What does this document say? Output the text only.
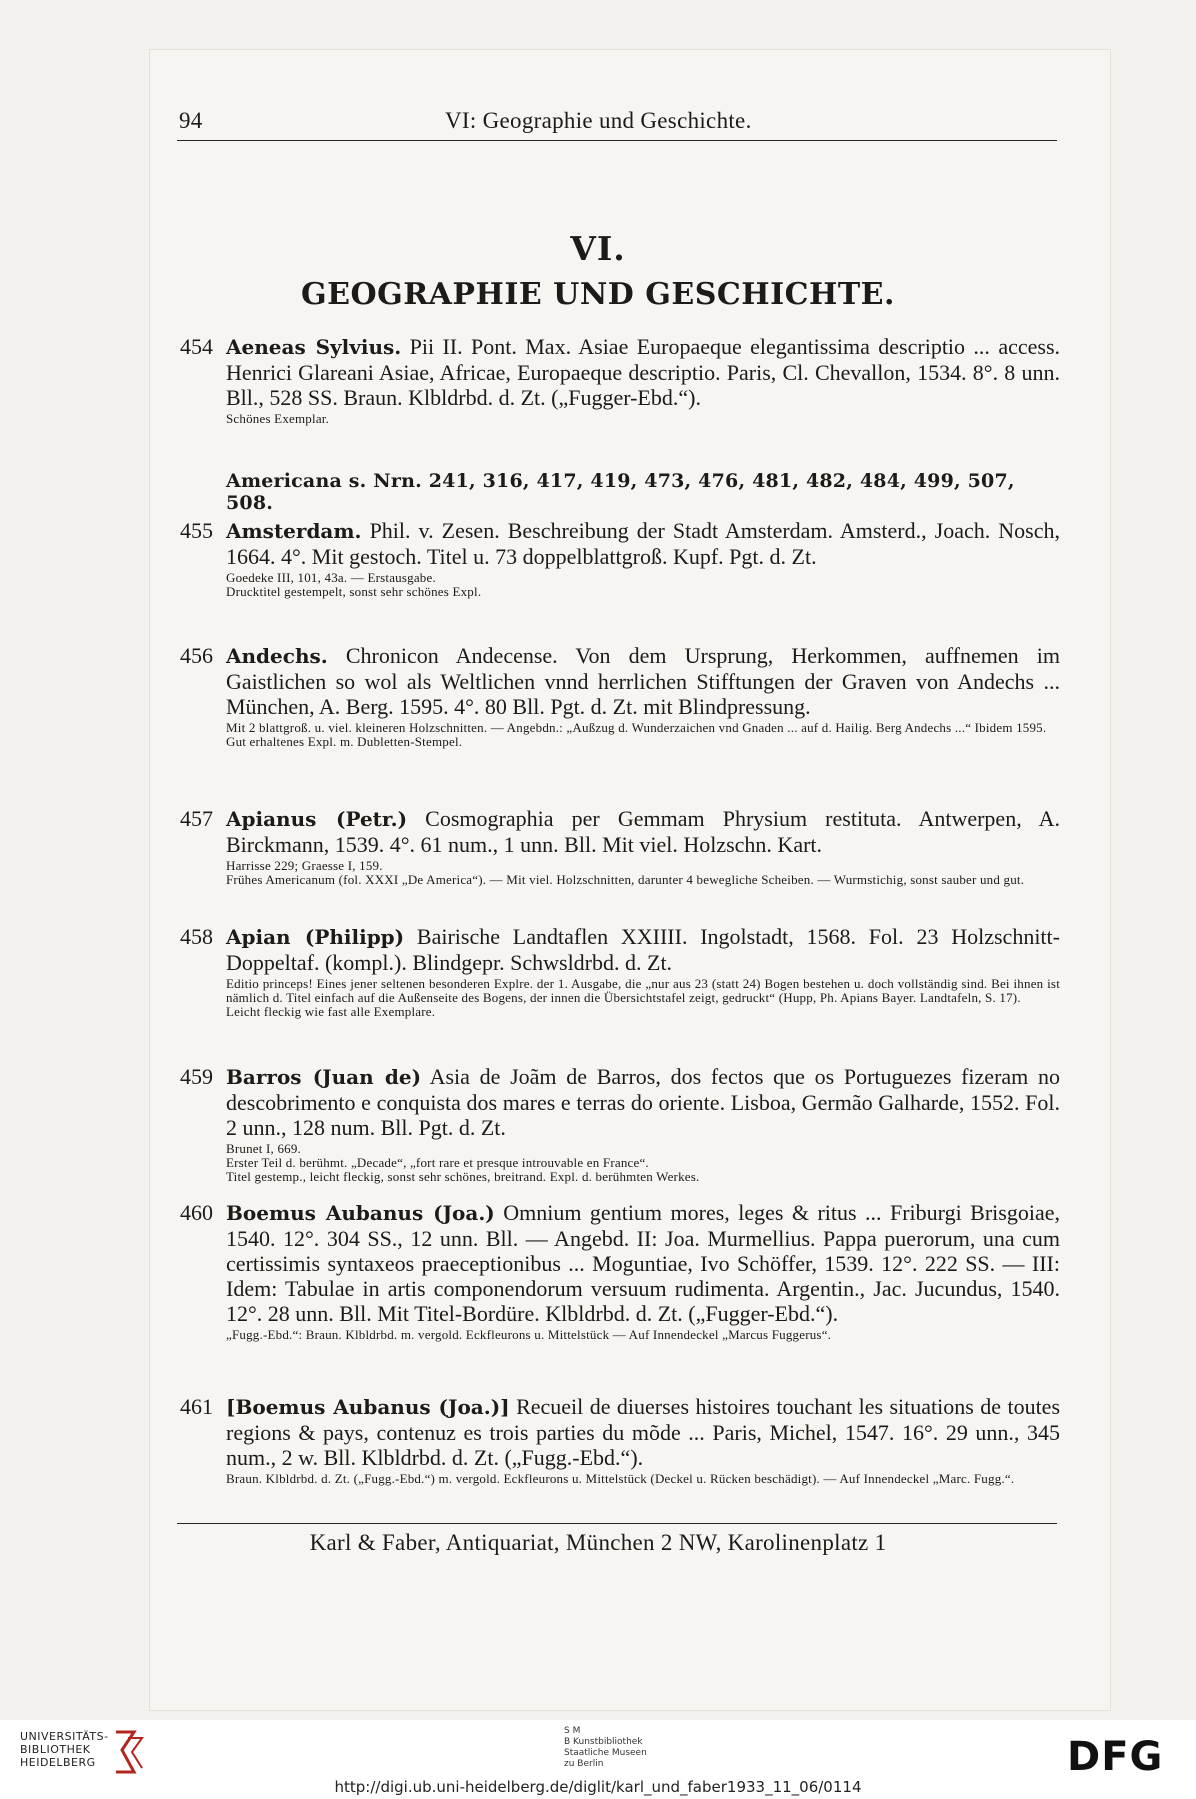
94	VI: Geographie und Geschichte.
VI.
GEOGRAPHIE UND GESCHICHTE.
454 Aeneas Sylvius. Pii II. Pont. Max. Asiae Europaeque elegantissima descriptio ... access. Henrici Glareani Asiae, Africae, Europaeque descriptio. Paris, Cl. Chevallon, 1534. 8°. 8 unn. Bll., 528 SS. Braun. Klbldrbd. d. Zt. („Fugger-Ebd.“).
Schönes Exemplar.
Americana s. Nrn. 241, 316, 417, 419, 473, 476, 481, 482, 484, 499, 507, 508.
455 Amsterdam. Phil. v. Zesen. Beschreibung der Stadt Amsterdam. Amsterd., Joach. Nosch, 1664. 4°. Mit gestoch. Titel u. 73 doppelblattgroß. Kupf. Pgt. d. Zt.
Goedeke III, 101, 43a. — Erstausgabe.
Drucktitel gestempelt, sonst sehr schönes Expl.
456 Andechs. Chronicon Andecense. Von dem Ursprung, Herkommen, auffnemen im Gaistlichen so wol als Weltlichen vnnd herrlichen Stifftungen der Graven von Andechs ... München, A. Berg. 1595. 4°. 80 Bll. Pgt. d. Zt. mit Blindpressung.
Mit 2 blattgroß. u. viel. kleineren Holzschnitten. — Angebdn.: „Außzug d. Wunderzaichen vnd Gnaden ... auf d. Hailig. Berg Andechs ...“ Ibidem 1595.
Gut erhaltenes Expl. m. Dubletten-Stempel.
457 Apianus (Petr.) Cosmographia per Gemmam Phrysium restituta. Antwerpen, A. Birckmann, 1539. 4°. 61 num., 1 unn. Bll. Mit viel. Holzschn. Kart.
Harrisse 229; Graesse I, 159.
Frühes Americanum (fol. XXXI „De America“). — Mit viel. Holzschnitten, darunter 4 bewegliche Scheiben. — Wurmstichig, sonst sauber und gut.
458 Apian (Philipp) Bairische Landtaflen XXIIII. Ingolstadt, 1568. Fol. 23 Holzschnitt-Doppeltaf. (kompl.). Blindgepr. Schwsldrbd. d. Zt.
Editio princeps! Eines jener seltenen besonderen Explre. der 1. Ausgabe, die „nur aus 23 (statt 24) Bogen bestehen u. doch vollständig sind. Bei ihnen ist nämlich d. Titel einfach auf die Außenseite des Bogens, der innen die Übersichtstafel zeigt, gedruckt“ (Hupp, Ph. Apians Bayer. Landtafeln, S. 17).
Leicht fleckig wie fast alle Exemplare.
459 Barros (Juan de) Asia de Joãm de Barros, dos fectos que os Portuguezes fizeram no descobrimento e conquista dos mares e terras do oriente. Lisboa, Germão Galharde, 1552. Fol. 2 unn., 128 num. Bll. Pgt. d. Zt.
Brunet I, 669.
Erster Teil d. berühmt. „Decade“, „fort rare et presque introuvable en France“.
Titel gestemp., leicht fleckig, sonst sehr schönes, breitrand. Expl. d. berühmten Werkes.
460 Boemus Aubanus (Joa.) Omnium gentium mores, leges & ritus ... Friburgi Brisgoiae, 1540. 12°. 304 SS., 12 unn. Bll. — Angebd. II: Joa. Murmellius. Pappa puerorum, una cum certissimis syntaxeos praeceptionibus ... Moguntiae, Ivo Schöffer, 1539. 12°. 222 SS. — III: Idem: Tabulae in artis componendorum versuum rudimenta. Argentin., Jac. Jucundus, 1540. 12°. 28 unn. Bll. Mit Titel-Bordüre. Klbldrbd. d. Zt. („Fugger-Ebd.“).
„Fugg.-Ebd.“: Braun. Klbldrbd. m. vergold. Eckfleurons u. Mittelstück — Auf Innendeckel „Marcus Fuggerus“.
461 [Boemus Aubanus (Joa.)] Recueil de diuerses histoires touchant les situations de toutes regions & pays, contenuz es trois parties du mõde ... Paris, Michel, 1547. 16°. 29 unn., 345 num., 2 w. Bll. Klbldrbd. d. Zt. („Fugg.-Ebd.“).
Braun. Klbldrbd. d. Zt. („Fugg.-Ebd.“) m. vergold. Eckfleurons u. Mittelstück (Deckel u. Rücken beschädigt). — Auf Innendeckel „Marc. Fugg.“.
Karl & Faber, Antiquariat, München 2 NW, Karolinenplatz 1
UNIVERSITÄTS-
BIBLIOTHEK
HEIDELBERG
S M
B Kunstbibliothek
Staatliche Museen
zu Berlin	DFG
http://digi.ub.uni-heidelberg.de/diglit/karl_und_faber1933_11_06/0114
